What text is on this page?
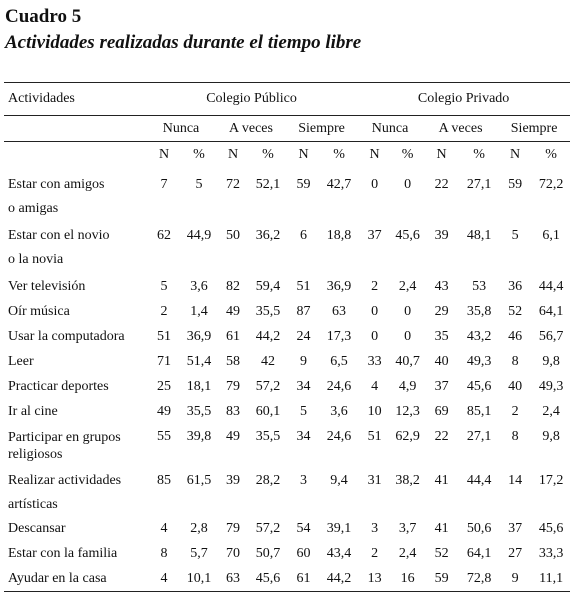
Cuadro 5
Actividades realizadas durante el tiempo libre
Actividades	Colegio Público						Colegio Privado					
	Nunca		A veces		Siempre		Nunca		A veces		Siempre	
	N	%	N	%	N	%	N	%	N	%	N	%
Estar con amigos
o amigas	7	5	72	52,1	59	42,7	0	0	22	27,1	59	72,2
Estar con el novio
o la novia	62	44,9	50	36,2	6	18,8	37	45,6	39	48,1	5	6,1
Ver televisión	5	3,6	82	59,4	51	36,9	2	2,4	43	53	36	44,4
Oír música	2	1,4	49	35,5	87	63	0	0	29	35,8	52	64,1
Usar la computadora	51	36,9	61	44,2	24	17,3	0	0	35	43,2	46	56,7
Leer	71	51,4	58	42	9	6,5	33	40,7	40	49,3	8	9,8
Practicar deportes	25	18,1	79	57,2	34	24,6	4	4,9	37	45,6	40	49,3
Ir al cine	49	35,5	83	60,1	5	3,6	10	12,3	69	85,1	2	2,4
Participar en grupos religiosos	55	39,8	49	35,5	34	24,6	51	62,9	22	27,1	8	9,8
Realizar actividades
artísticas	85	61,5	39	28,2	3	9,4	31	38,2	41	44,4	14	17,2
Descansar	4	2,8	79	57,2	54	39,1	3	3,7	41	50,6	37	45,6
Estar con la familia	8	5,7	70	50,7	60	43,4	2	2,4	52	64,1	27	33,3
Ayudar en la casa	4	10,1	63	45,6	61	44,2	13	16	59	72,8	9	11,1
